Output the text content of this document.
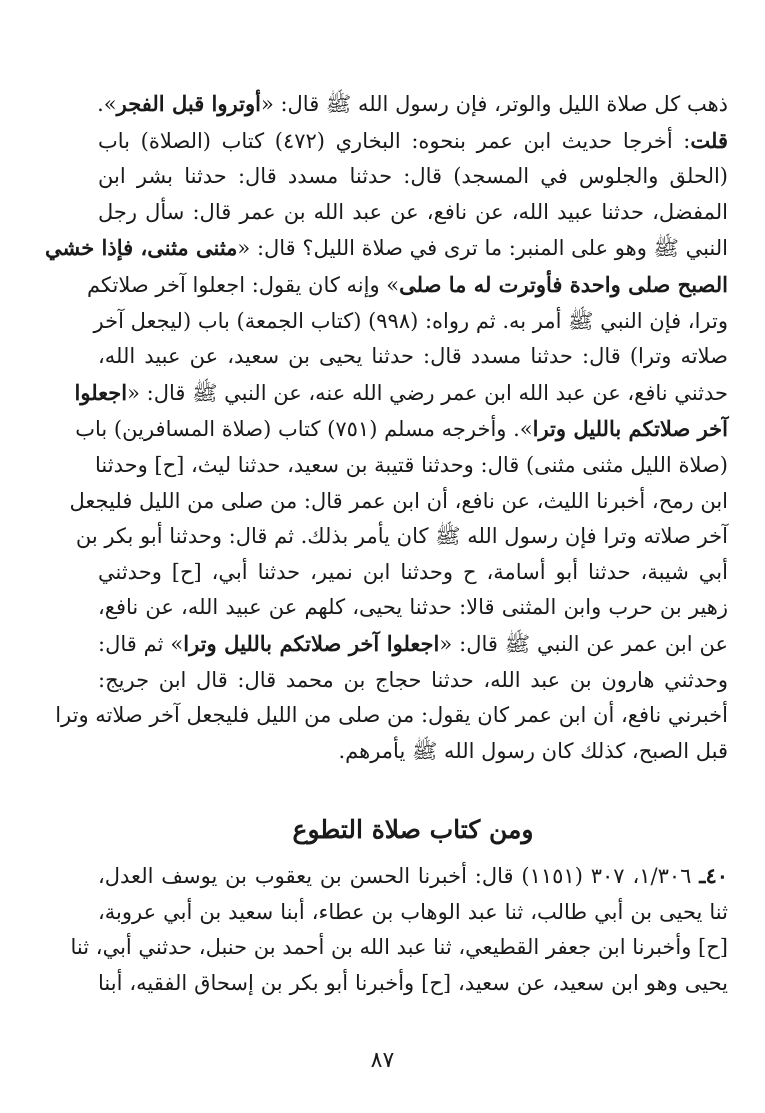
ذهب كل صلاة الليل والوتر، فإن رسول الله ﷺ قال: «أوتروا قبل الفجر».
قلت: أخرجا حديث ابن عمر بنحوه: البخاري (٤٧٢) كتاب (الصلاة) باب
(الحلق والجلوس في المسجد) قال: حدثنا مسدد قال: حدثنا بشر ابن
المفضل، حدثنا عبيد الله، عن نافع، عن عبد الله بن عمر قال: سأل رجل
النبي ﷺ وهو على المنبر: ما ترى في صلاة الليل؟ قال: «مثنى مثنى، فإذا خشي
الصبح صلى واحدة فأوترت له ما صلى» وإنه كان يقول: اجعلوا آخر صلاتكم
وترا، فإن النبي ﷺ أمر به. ثم رواه: (٩٩٨) (كتاب الجمعة) باب (ليجعل آخر
صلاته وترا) قال: حدثنا مسدد قال: حدثنا يحيى بن سعيد، عن عبيد الله،
حدثني نافع، عن عبد الله ابن عمر رضي الله عنه، عن النبي ﷺ قال: «اجعلوا
آخر صلاتكم بالليل وترا». وأخرجه مسلم (٧٥١) كتاب (صلاة المسافرين) باب
(صلاة الليل مثنى مثنى) قال: وحدثنا قتيبة بن سعيد، حدثنا ليث، [ح] وحدثنا
ابن رمح، أخبرنا الليث، عن نافع، أن ابن عمر قال: من صلى من الليل فليجعل
آخر صلاته وترا فإن رسول الله ﷺ كان يأمر بذلك. ثم قال: وحدثنا أبو بكر بن
أبي شيبة، حدثنا أبو أسامة، ح وحدثنا ابن نمير، حدثنا أبي، [ح] وحدثني
زهير بن حرب وابن المثنى قالا: حدثنا يحيى، كلهم عن عبيد الله، عن نافع،
عن ابن عمر عن النبي ﷺ قال: «اجعلوا آخر صلاتكم بالليل وترا» ثم قال:
وحدثني هارون بن عبد الله، حدثنا حجاج بن محمد قال: قال ابن جريج:
أخبرني نافع، أن ابن عمر كان يقول: من صلى من الليل فليجعل آخر صلاته وترا
قبل الصبح، كذلك كان رسول الله ﷺ يأمرهم.
ومن كتاب صلاة التطوع
٤٠ـ ١/٣٠٦، ٣٠٧ (١١٥١) قال: أخبرنا الحسن بن يعقوب بن يوسف العدل،
ثنا يحيى بن أبي طالب، ثنا عبد الوهاب بن عطاء، أبنا سعيد بن أبي عروبة،
[ح] وأخبرنا ابن جعفر القطيعي، ثنا عبد الله بن أحمد بن حنبل، حدثني أبي، ثنا
يحيى وهو ابن سعيد، عن سعيد، [ح] وأخبرنا أبو بكر بن إسحاق الفقيه، أبنا
٨٧
